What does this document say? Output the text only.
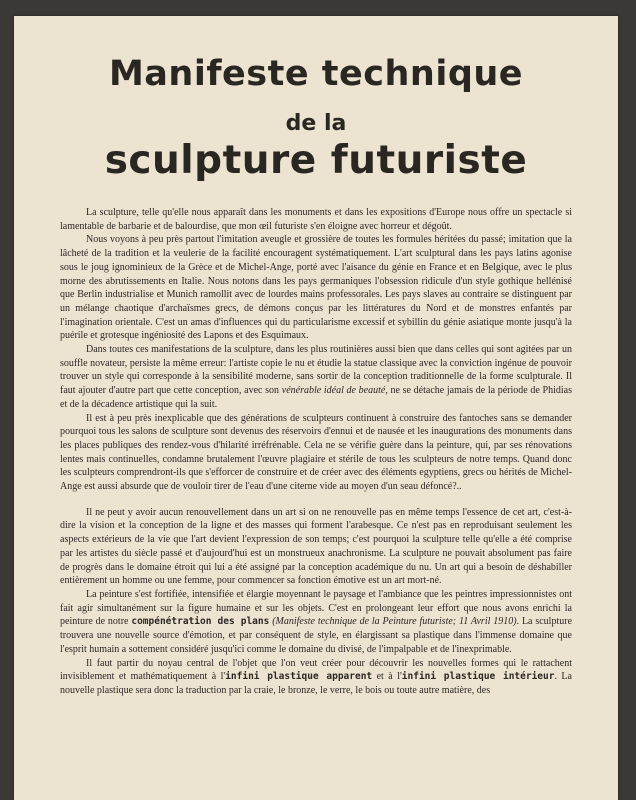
Manifeste technique
de la
sculpture futuriste

La sculpture, telle qu'elle nous apparaît dans les monuments et dans les expositions d'Europe nous offre un spectacle si lamentable de barbarie et de balourdise, que mon œil futuriste s'en éloigne avec horreur et dégoût.

Nous voyons à peu près partout l'imitation aveugle et grossière de toutes les formules héritées du passé; imitation que la lâcheté de la tradition et la veulerie de la facilité encouragent systématiquement. L'art sculptural dans les pays latins agonise sous le joug ignominieux de la Grèce et de Michel-Ange, porté avec l'aisance du génie en France et en Belgique, avec le plus morne des abrutissements en Italie. Nous notons dans les pays germaniques l'obsession ridicule d'un style gothique hellénisé que Berlin industrialise et Munich ramollit avec de lourdes mains professorales. Les pays slaves au contraire se distinguent par un mélange chaotique d'archaïsmes grecs, de démons conçus par les littératures du Nord et de monstres enfantés par l'imagination orientale. C'est un amas d'influences qui du particularisme excessif et sybillin du génie asiatique monte jusqu'à la puérile et grotesque ingéniosité des Lapons et des Esquimaux.

Dans toutes ces manifestations de la sculpture, dans les plus routinières aussi bien que dans celles qui sont agitées par un souffle novateur, persiste la même erreur: l'artiste copie le nu et étudie la statue classique avec la conviction ingénue de pouvoir trouver un style qui corresponde à la sensibilité moderne, sans sortir de la conception traditionnelle de la forme sculpturale. Il faut ajouter d'autre part que cette conception, avec son vénérable idéal de beauté, ne se détache jamais de la période de Phidias et de la décadence artistique qui la suit.

Il est à peu près inexplicable que des générations de sculpteurs continuent à construire des fantoches sans se demander pourquoi tous les salons de sculpture sont devenus des réservoirs d'ennui et de nausée et les inaugurations des monuments dans les places publiques des rendez-vous d'hilarité irréfrénable. Cela ne se vérifie guère dans la peinture, qui, par ses rénovations lentes mais continuelles, condamne brutalement l'œuvre plagiaire et stérile de tous les sculpteurs de notre temps. Quand donc les sculpteurs comprendront-ils que s'efforcer de construire et de créer avec des éléments egyptiens, grecs ou hérités de Michel-Ange est aussi absurde que de vouloir tirer de l'eau d'une citerne vide au moyen d'un seau défoncé?..

Il ne peut y avoir aucun renouvellement dans un art si on ne renouvelle pas en même temps l'essence de cet art, c'est-à-dire la vision et la conception de la ligne et des masses qui forment l'arabesque. Ce n'est pas en reproduisant seulement les aspects extérieurs de la vie que l'art devient l'expression de son temps; c'est pourquoi la sculpture telle qu'elle a été comprise par les artistes du siècle passé et d'aujourd'hui est un monstrueux anachronisme. La sculpture ne pouvait absolument pas faire de progrès dans le domaine étroit qui lui a été assigné par la conception académique du nu. Un art qui a besoin de déshabiller entièrement un homme ou une femme, pour commencer sa fonction émotive est un art mort-né.

La peinture s'est fortifiée, intensifiée et élargie moyennant le paysage et l'ambiance que les peintres impressionnistes ont fait agir simultanément sur la figure humaine et sur les objets. C'est en prolongeant leur effort que nous avons enrichi la peinture de notre compénétration des plans (Manifeste technique de la Peinture futuriste; 11 Avril 1910). La sculpture trouvera une nouvelle source d'émotion, et par conséquent de style, en élargissant sa plastique dans l'immense domaine que l'esprit humain a sottement considéré jusqu'ici comme le domaine du divisé, de l'impalpable et de l'inexprimable.

Il faut partir du noyau central de l'objet que l'on veut créer pour découvrir les nouvelles formes qui le rattachent invisiblement et mathématiquement à l'infini plastique apparent et à l'infini plastique intérieur. La nouvelle plastique sera donc la traduction par la craie, le bronze, le verre, le bois ou toute autre matière, des
